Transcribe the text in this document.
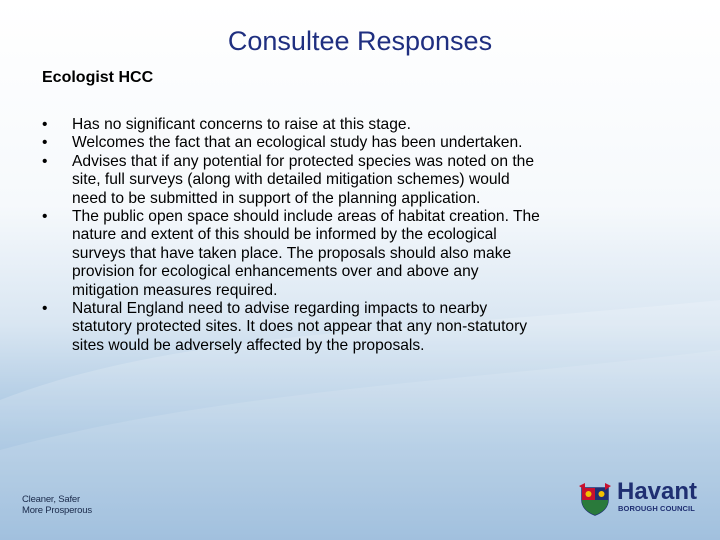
Consultee Responses
Ecologist HCC
• Has no significant concerns to raise at this stage.
• Welcomes the fact that an ecological study has been undertaken.
• Advises that if any potential for protected species was noted on the
site, full surveys (along with detailed mitigation schemes) would
need to be submitted in support of the planning application.
• The public open space should include areas of habitat creation. The
nature and extent of this should be informed by the ecological
surveys that have taken place. The proposals should also make
provision for ecological enhancements over and above any
mitigation measures required.
• Natural England need to advise regarding impacts to nearby
statutory protected sites. It does not appear that any non-statutory
sites would be adversely affected by the proposals.
Cleaner, Safer
More Prosperous
Havant
BOROUGH COUNCIL
